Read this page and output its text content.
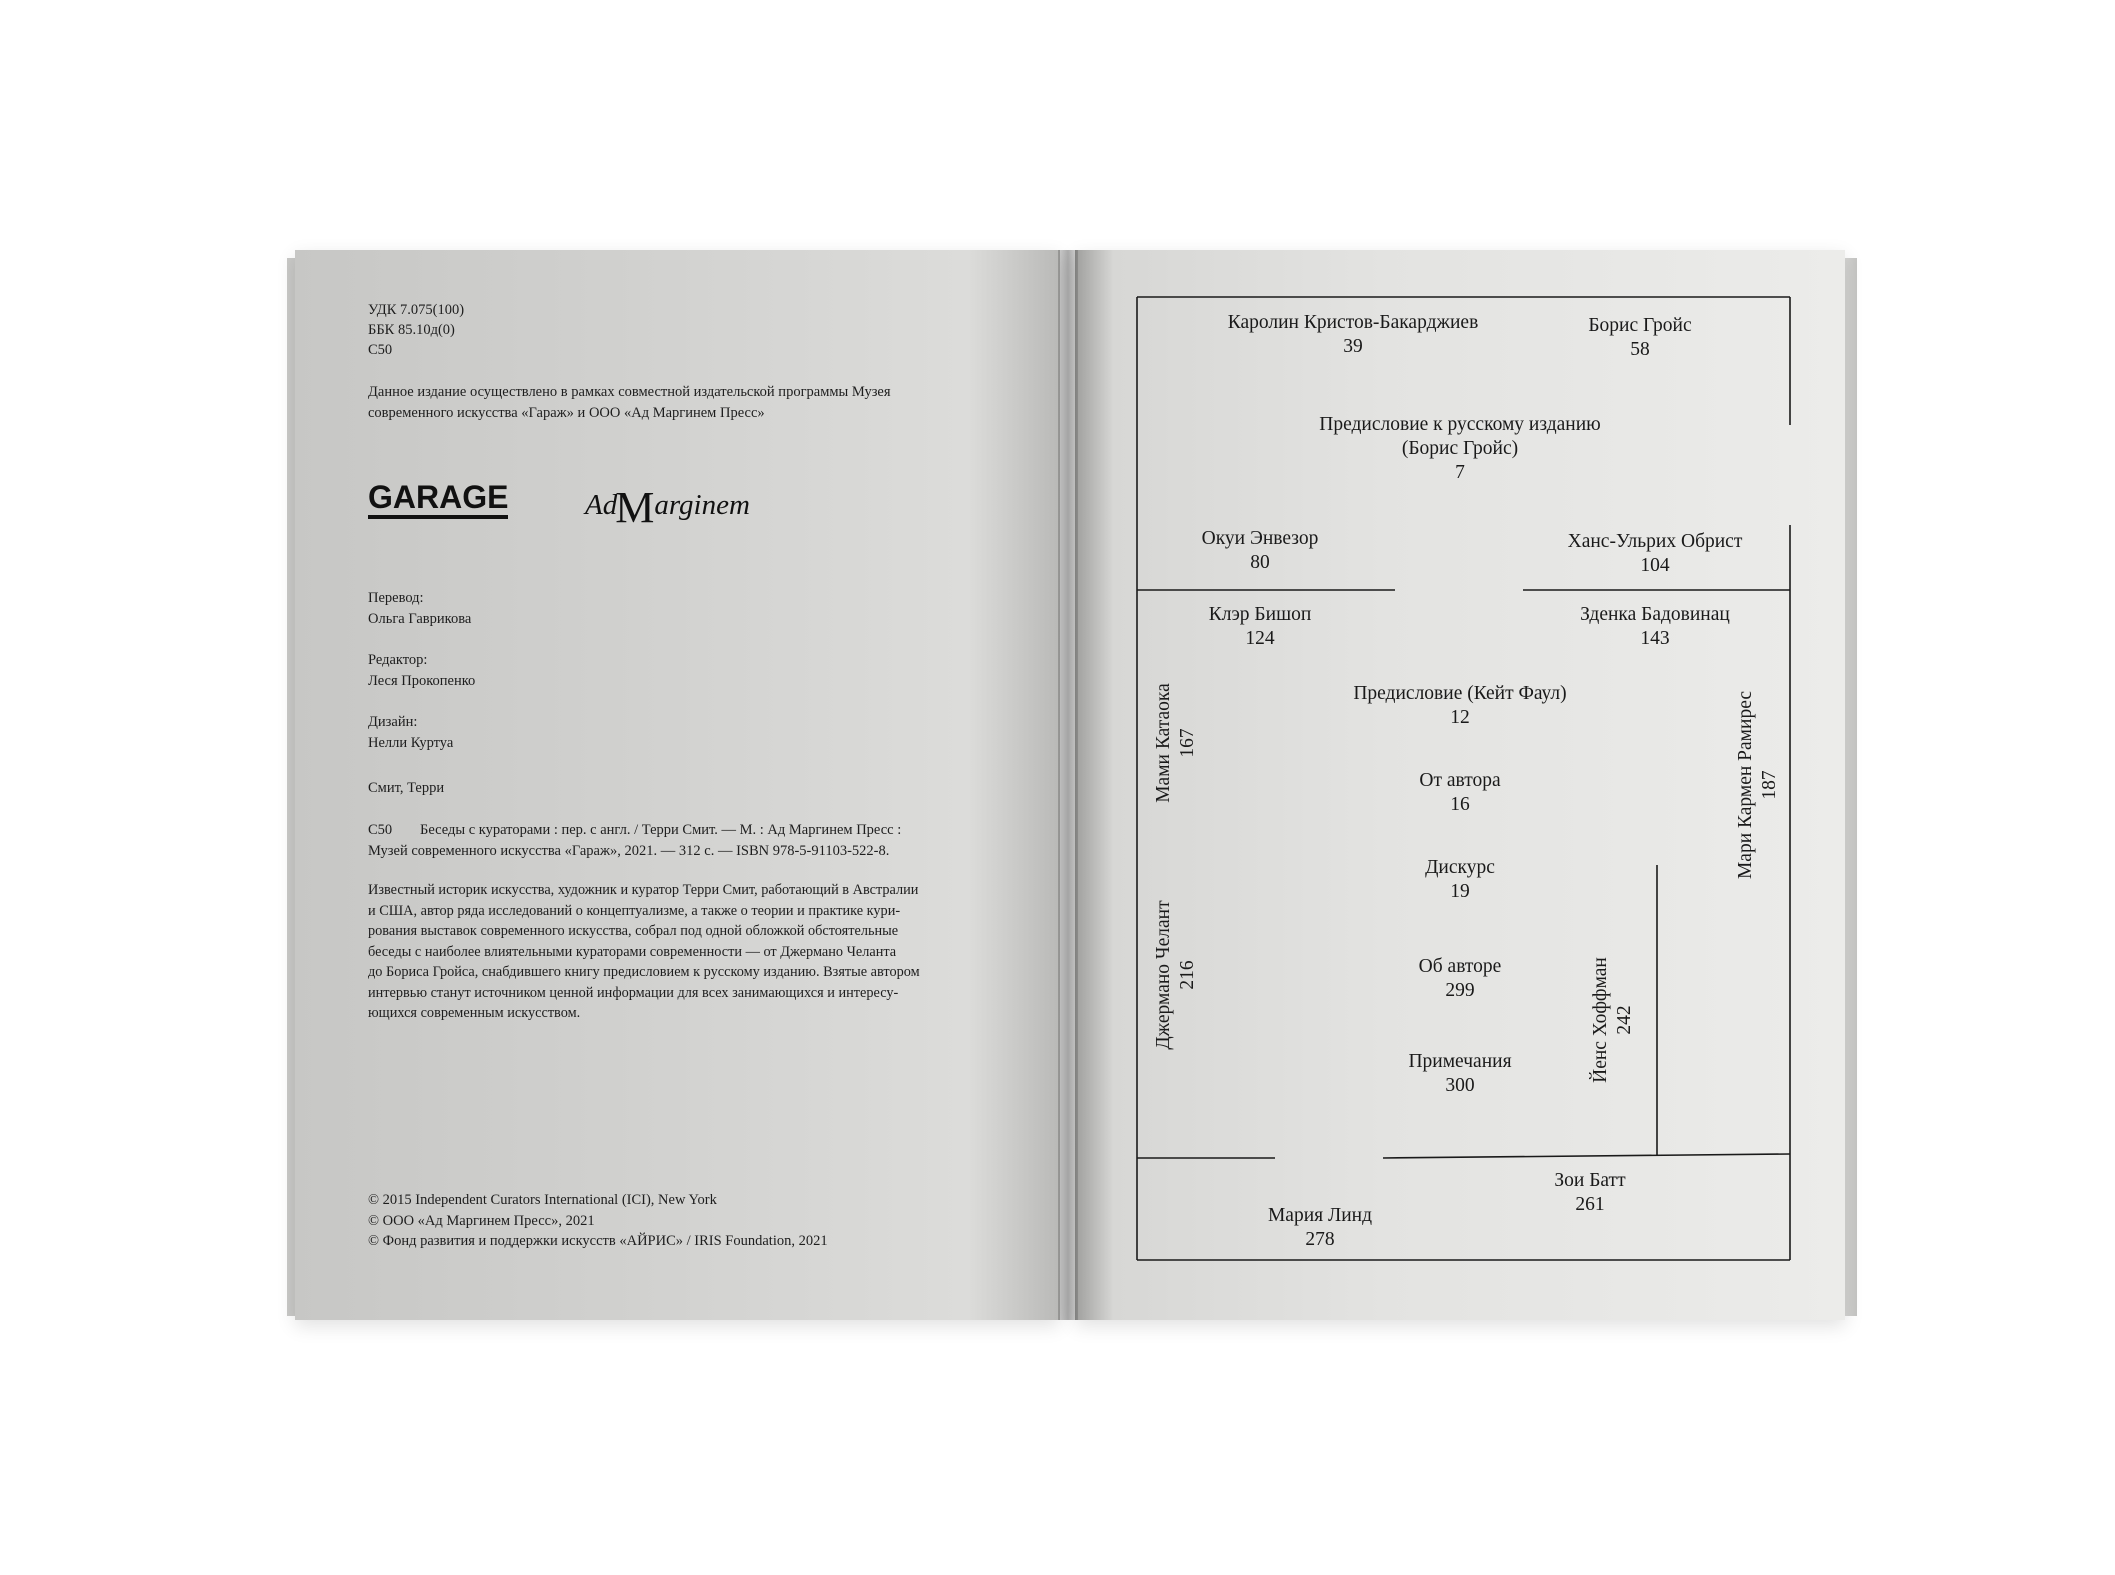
УДК 7.075(100)
ББК 85.10д(0)
С50
Данное издание осуществлено в рамках совместной издательской программы Музея
современного искусства «Гараж» и ООО «Ад Маргинем Пресс»
GARAGE	AdMarginem
Перевод:
Ольга Гаврикова
Редактор:
Леся Прокопенко
Дизайн:
Нелли Куртуа
Смит, Терри
С50 Беседы с кураторами : пер. с англ. / Терри Смит. — М. : Ад Маргинем Пресс :
Музей современного искусства «Гараж», 2021. — 312 с. — ISBN 978-5-91103-522-8.
Известный историк искусства, художник и куратор Терри Смит, работающий в Австралии
и США, автор ряда исследований о концептуализме, а также о теории и практике кури-
рования выставок современного искусства, собрал под одной обложкой обстоятельные
беседы с наиболее влиятельными кураторами современности — от Джермано Челанта
до Бориса Гройса, снабдившего книгу предисловием к русскому изданию. Взятые автором
интервью станут источником ценной информации для всех занимающихся и интересу-
ющихся современным искусством.
© 2015 Independent Curators International (ICI), New York
© ООО «Ад Маргинем Пресс», 2021
© Фонд развития и поддержки искусств «АЙРИС» / IRIS Foundation, 2021
Каролин Кристов-Бакарджиев
39
Борис Гройс
58
Предисловие к русскому изданию
(Борис Гройс)
7
Окуи Энвезор
80
Ханс-Ульрих Обрист
104
Клэр Бишоп
124
Зденка Бадовинац
143
Предисловие (Кейт Фаул)
12
От автора
16
Дискурс
19
Об авторе
299
Примечания
300
Мами Катаока 167
Джермано Челант 216
Мари Кармен Рамирес 187
Йенс Хоффман 242
Зои Батт
261
Мария Линд
278
